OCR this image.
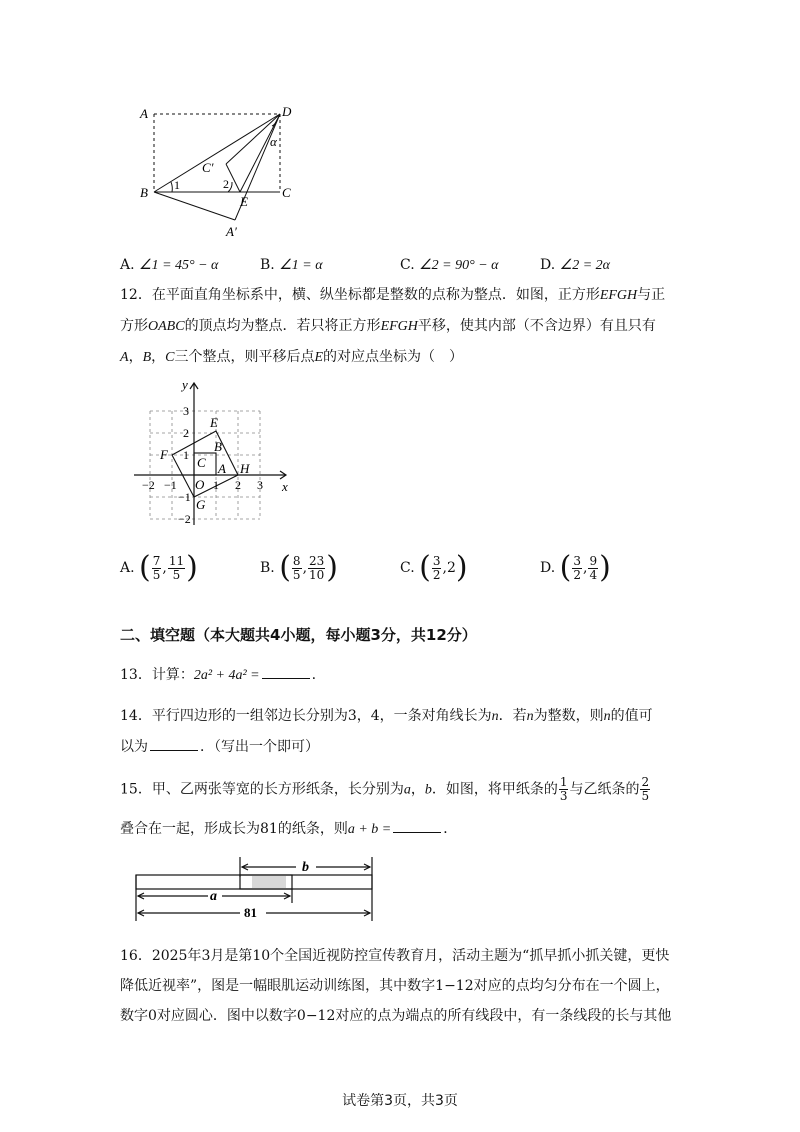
A	D
B	C
C′
E
A′
α
1	2
A. ∠1 = 45° − α	B. ∠1 = α	C. ∠2 = 90° − α	D. ∠2 = 2α
12．在平面直角坐标系中，横、纵坐标都是整数的点称为整点．如图，正方形EFGH与正
方形OABC的顶点均为整点．若只将正方形EFGH平移，使其内部（不含边界）有且只有
A，B，C三个整点，则平移后点E的对应点坐标为（　）
x
y
−2 −1	1 2 3
3
2
1
−1
−2
E
F
G
H
A
B
C
O
A. ( $\frac{7}{5}$ , $\frac{11}{5}$ )	B. ( $\frac{8}{5}$ , $\frac{23}{10}$ )	C. ( $\frac{3}{2} ,2$)	D. ( $\frac{3}{2}$ , $\frac{9}{4}$ )
二、填空题（本大题共4小题，每小题3分，共12分）
13．计算：2a² + 4a² =	.
14．平行四边形的一组邻边长分别为3，4，一条对角线长为n．若n为整数，则n的值可
以为	．（写出一个即可）
15．甲、乙两张等宽的长方形纸条，长分别为a，b．如图，将甲纸条的 $\frac{1}{3}$ 与乙纸条的 $\frac{2}{5}$
叠合在一起，形成长为81的纸条，则a + b =	．
b
a
81
16．2025年3月是第10个全国近视防控宣传教育月，活动主题为“抓早抓小抓关键，更快
降低近视率”，图是一幅眼肌运动训练图，其中数字1−12对应的点均匀分布在一个圆上，
数字0对应圆心．图中以数字0−12对应的点为端点的所有线段中，有一条线段的长与其他
试卷第3页，共3页
